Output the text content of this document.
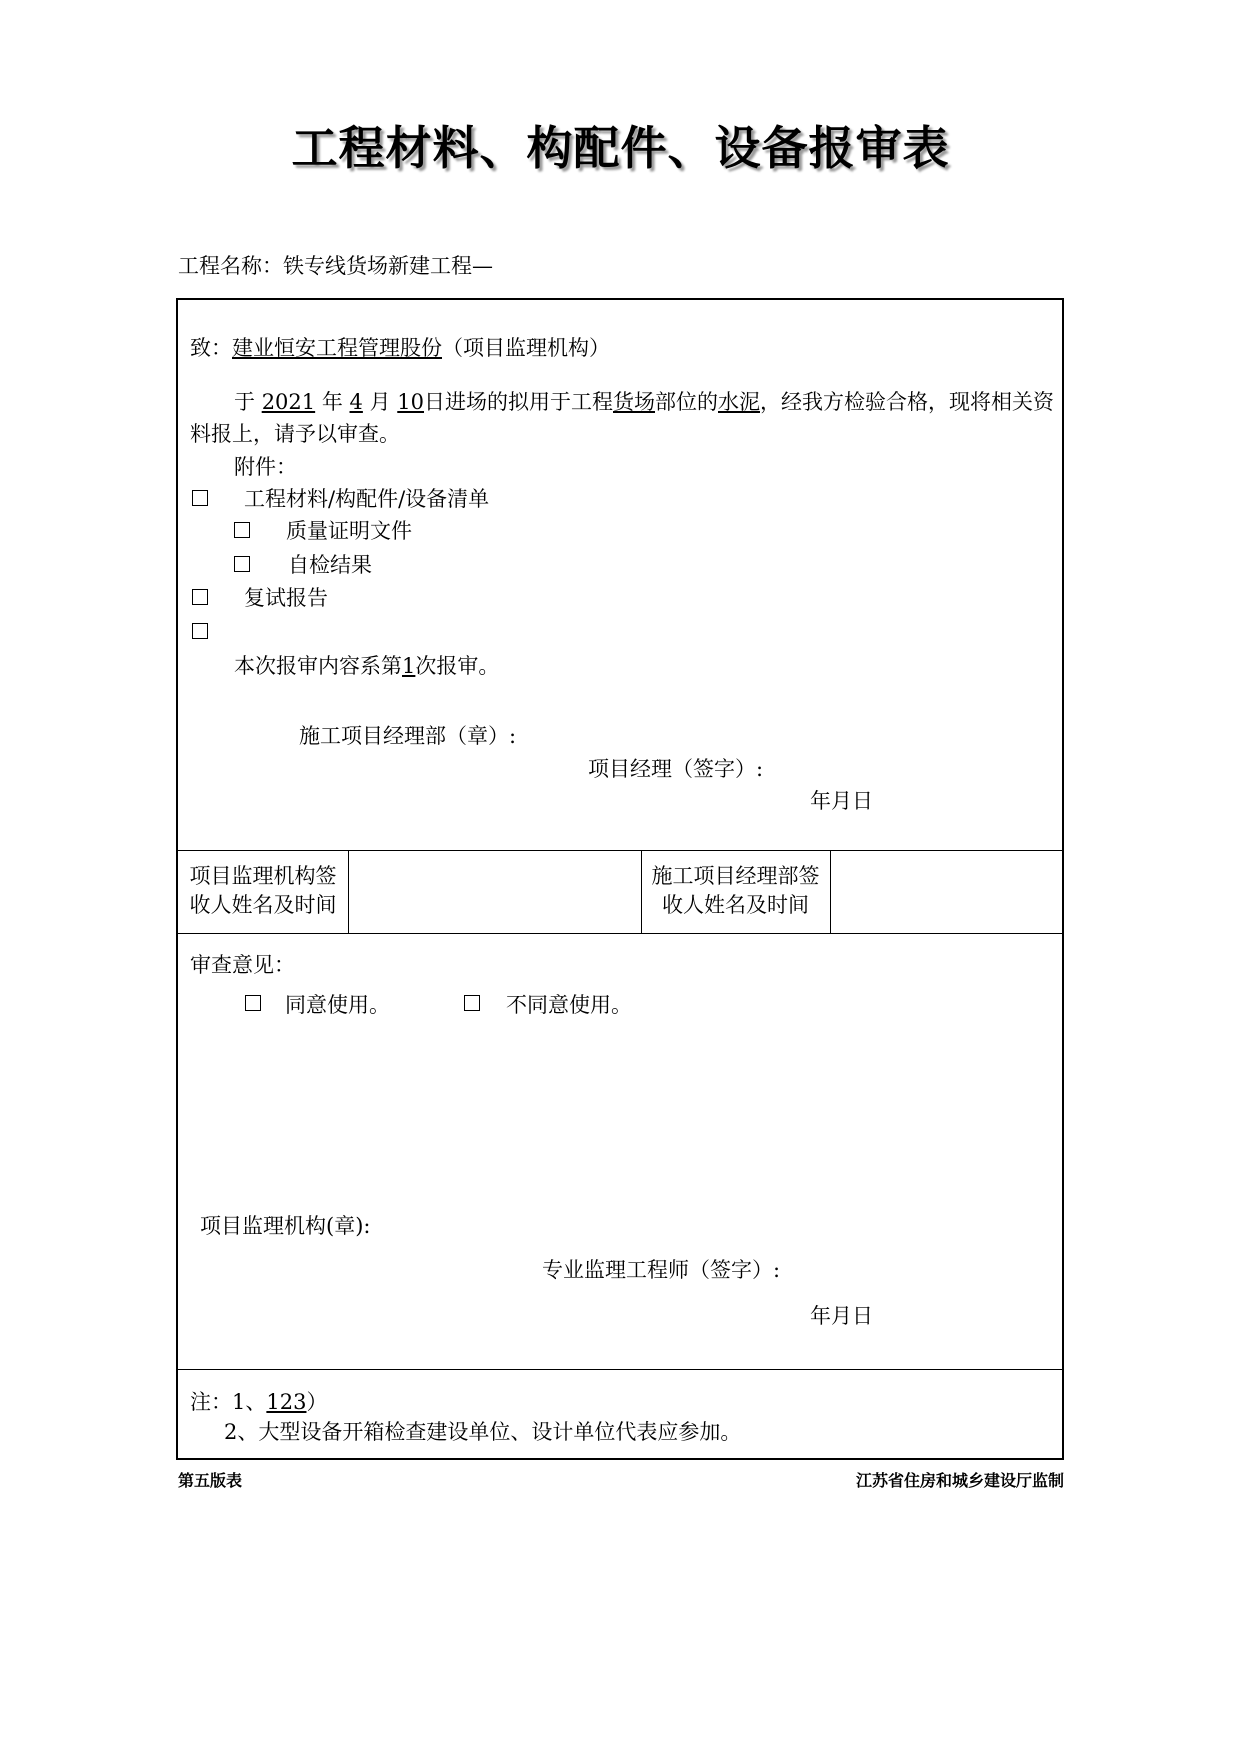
工程材料、构配件、设备报审表
工程名称：铁专线货场新建工程—
致：建业恒安工程管理股份（项目监理机构）
于 2021 年 4 月 10日进场的拟用于工程货场部位的水泥，经我方检验合格，现将相关资
料报上，请予以审查。
附件：
工程材料/构配件/设备清单
质量证明文件
自检结果
复试报告
本次报审内容系第1次报审。
施工项目经理部（章）:
项目经理（签字）:
年月日
项目监理机构签
收人姓名及时间
施工项目经理部签
收人姓名及时间
审查意见：
同意使用。	不同意使用。
项目监理机构(章):
专业监理工程师（签字）:
年月日
注：1、123）
2、大型设备开箱检查建设单位、设计单位代表应参加。
第五版表	江苏省住房和城乡建设厅监制
